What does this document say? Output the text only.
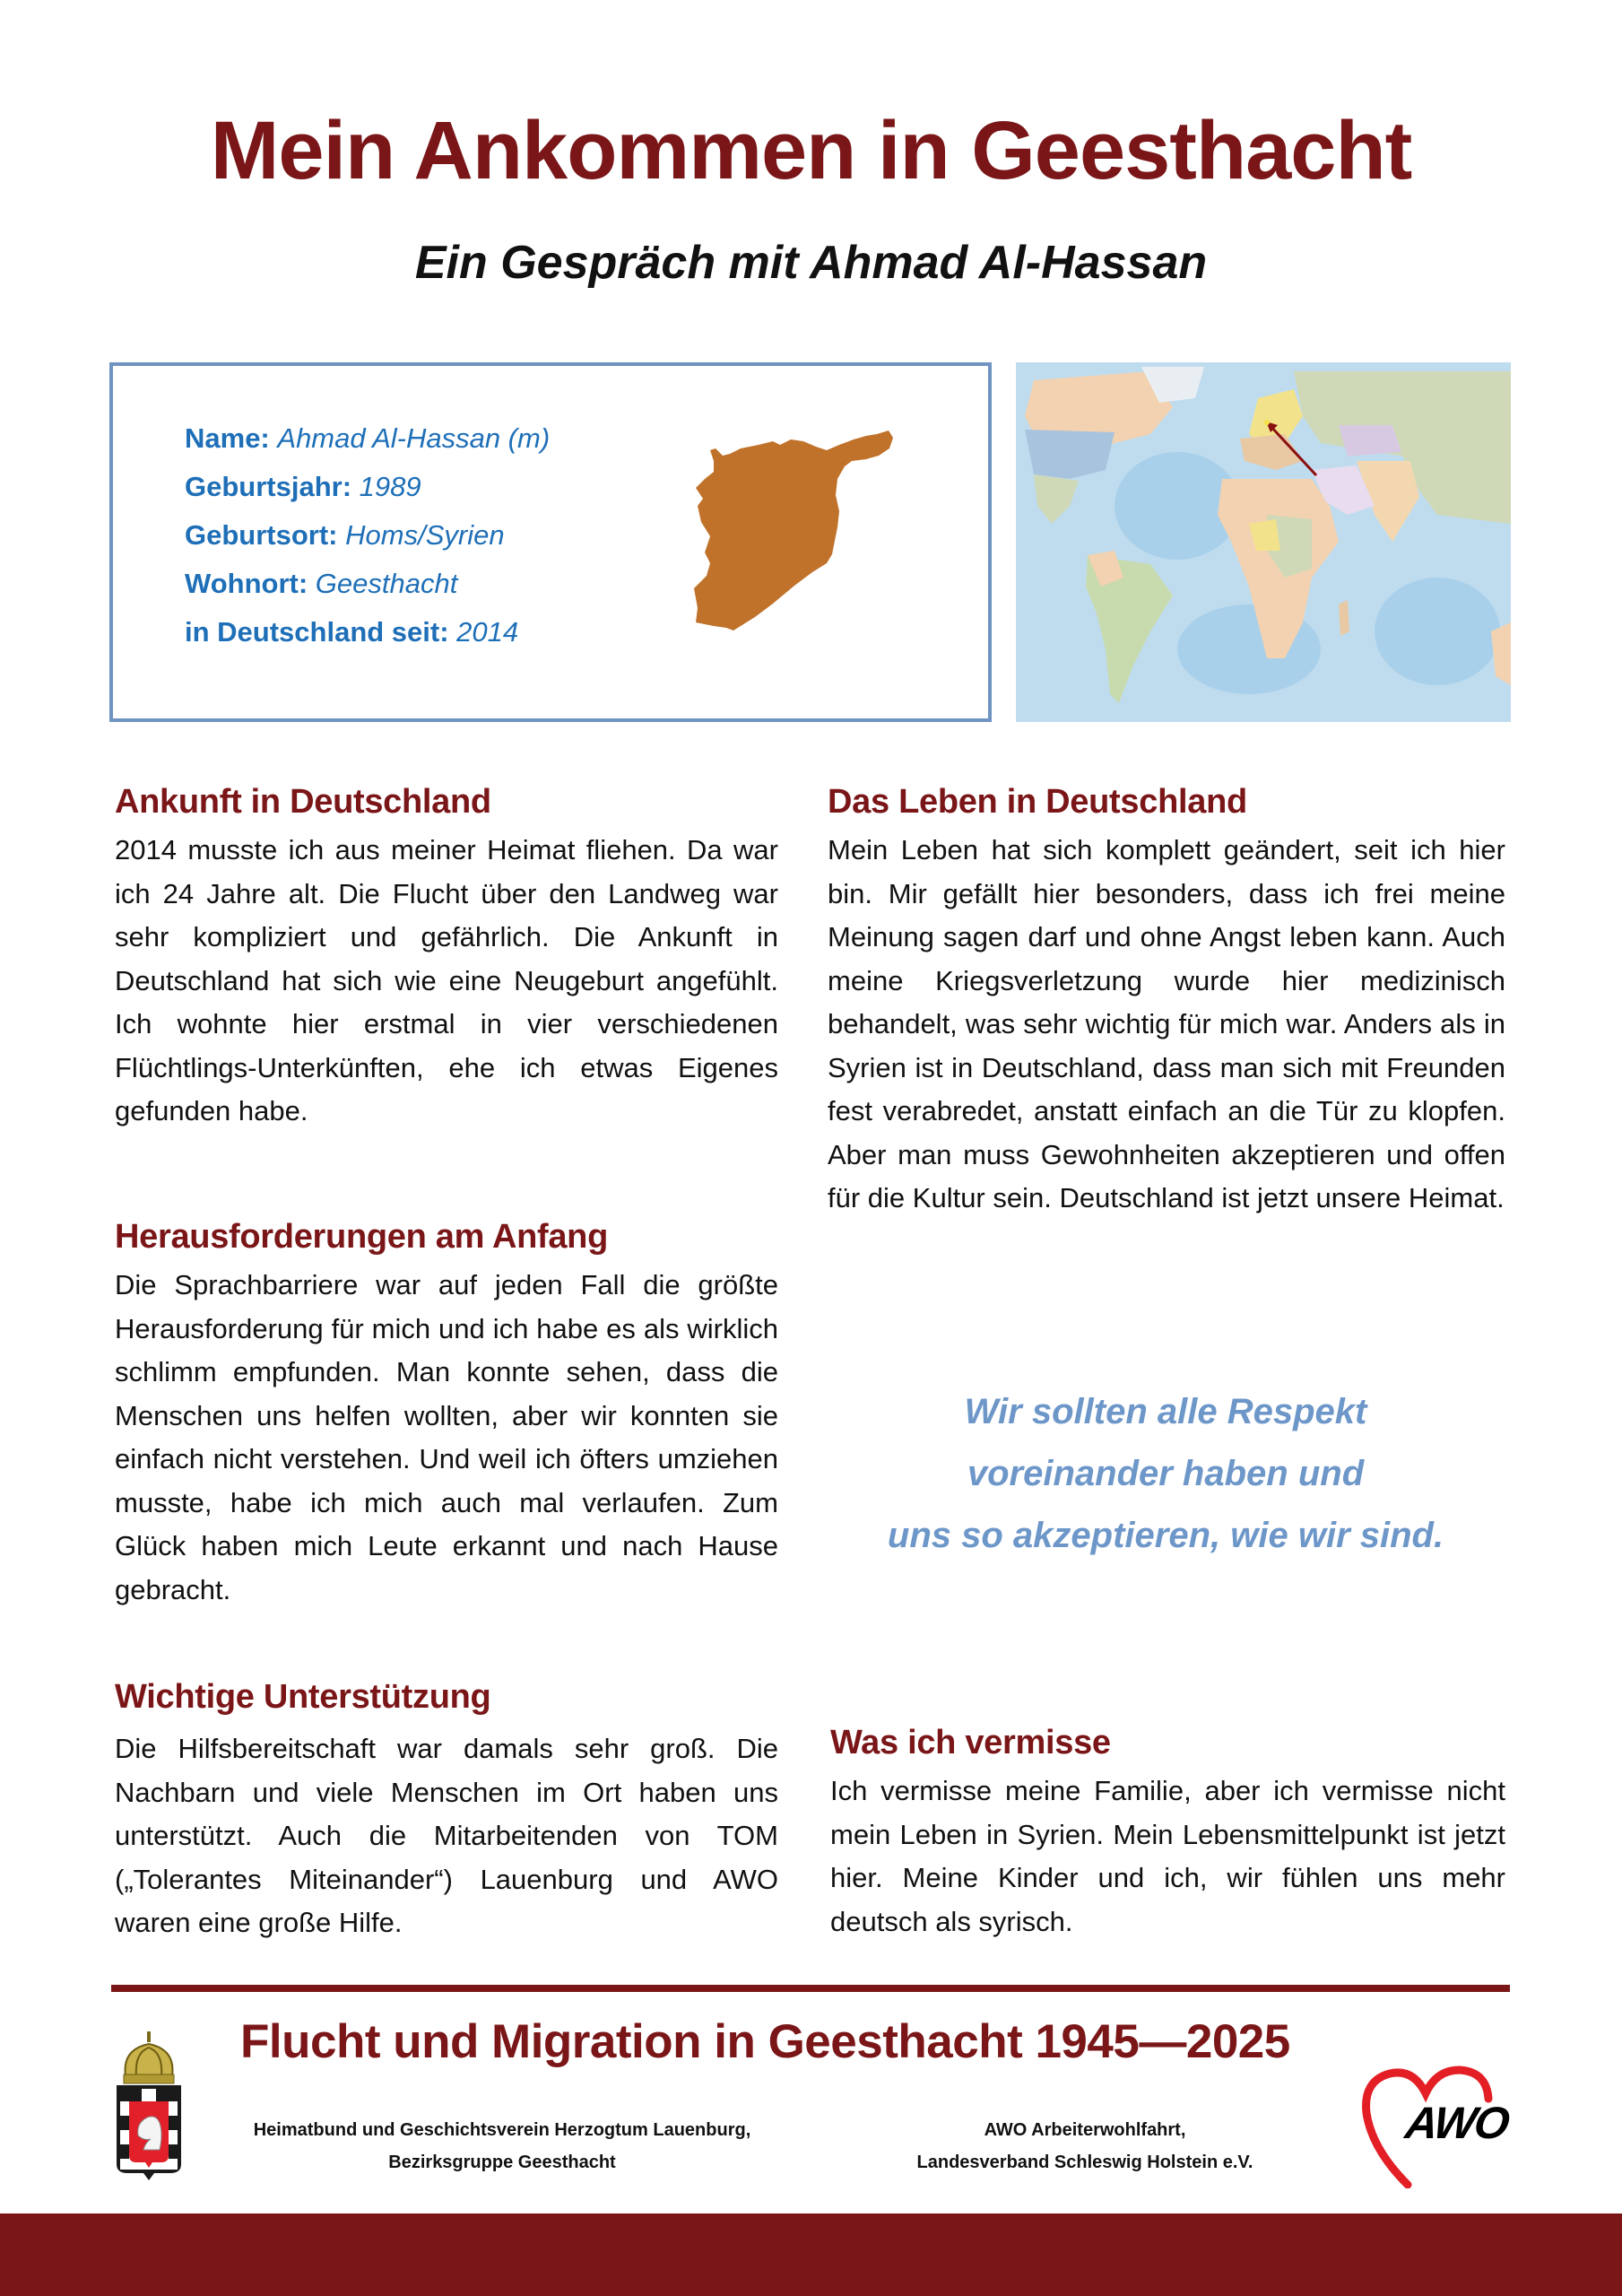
Mein Ankommen in Geesthacht
Ein Gespräch mit Ahmad Al-Hassan
Name: Ahmad Al-Hassan (m)
Geburtsjahr: 1989
Geburtsort: Homs/Syrien
Wohnort: Geesthacht
in Deutschland seit: 2014
Ankunft in Deutschland

2014 musste ich aus meiner Heimat fliehen. Da war ich 24 Jahre alt. Die Flucht über den Landweg war sehr kompliziert und gefährlich. Die Ankunft in Deutschland hat sich wie eine Neugeburt angefühlt. Ich wohnte hier erstmal in vier verschiedenen Flüchtlings-Unterkünften, ehe ich etwas Eigenes gefunden habe.

Herausforderungen am Anfang

Die Sprachbarriere war auf jeden Fall die größte Herausforderung für mich und ich habe es als wirklich schlimm empfunden. Man konnte sehen, dass die Menschen uns helfen wollten, aber wir konnten sie einfach nicht verstehen. Und weil ich öfters umziehen musste, habe ich mich auch mal verlaufen. Zum Glück haben mich Leute erkannt und nach Hause gebracht.

Wichtige Unterstützung

Die Hilfsbereitschaft war damals sehr groß. Die Nachbarn und viele Menschen im Ort haben uns unterstützt. Auch die Mitarbeitenden von TOM („Tolerantes Miteinander“) Lauenburg und AWO waren eine große Hilfe.

Das Leben in Deutschland

Mein Leben hat sich komplett geändert, seit ich hier bin. Mir gefällt hier besonders, dass ich frei meine Meinung sagen darf und ohne Angst leben kann. Auch meine Kriegsverletzung wurde hier medizinisch behandelt, was sehr wichtig für mich war. Anders als in Syrien ist in Deutschland, dass man sich mit Freunden fest verabredet, anstatt einfach an die Tür zu klopfen. Aber man muss Gewohnheiten akzeptieren und offen für die Kultur sein. Deutschland ist jetzt unsere Heimat.

Wir sollten alle Respekt
voreinander haben und
uns so akzeptieren, wie wir sind.
Was ich vermisse

Ich vermisse meine Familie, aber ich vermisse nicht mein Leben in Syrien. Mein Lebensmittelpunkt ist jetzt hier. Meine Kinder und ich, wir fühlen uns mehr deutsch als syrisch.

Flucht und Migration in Geesthacht 1945—2025
Heimatbund und Geschichtsverein Herzogtum Lauenburg,
Bezirksgruppe Geesthacht
AWO Arbeiterwohlfahrt,
Landesverband Schleswig Holstein e.V.
AWO
